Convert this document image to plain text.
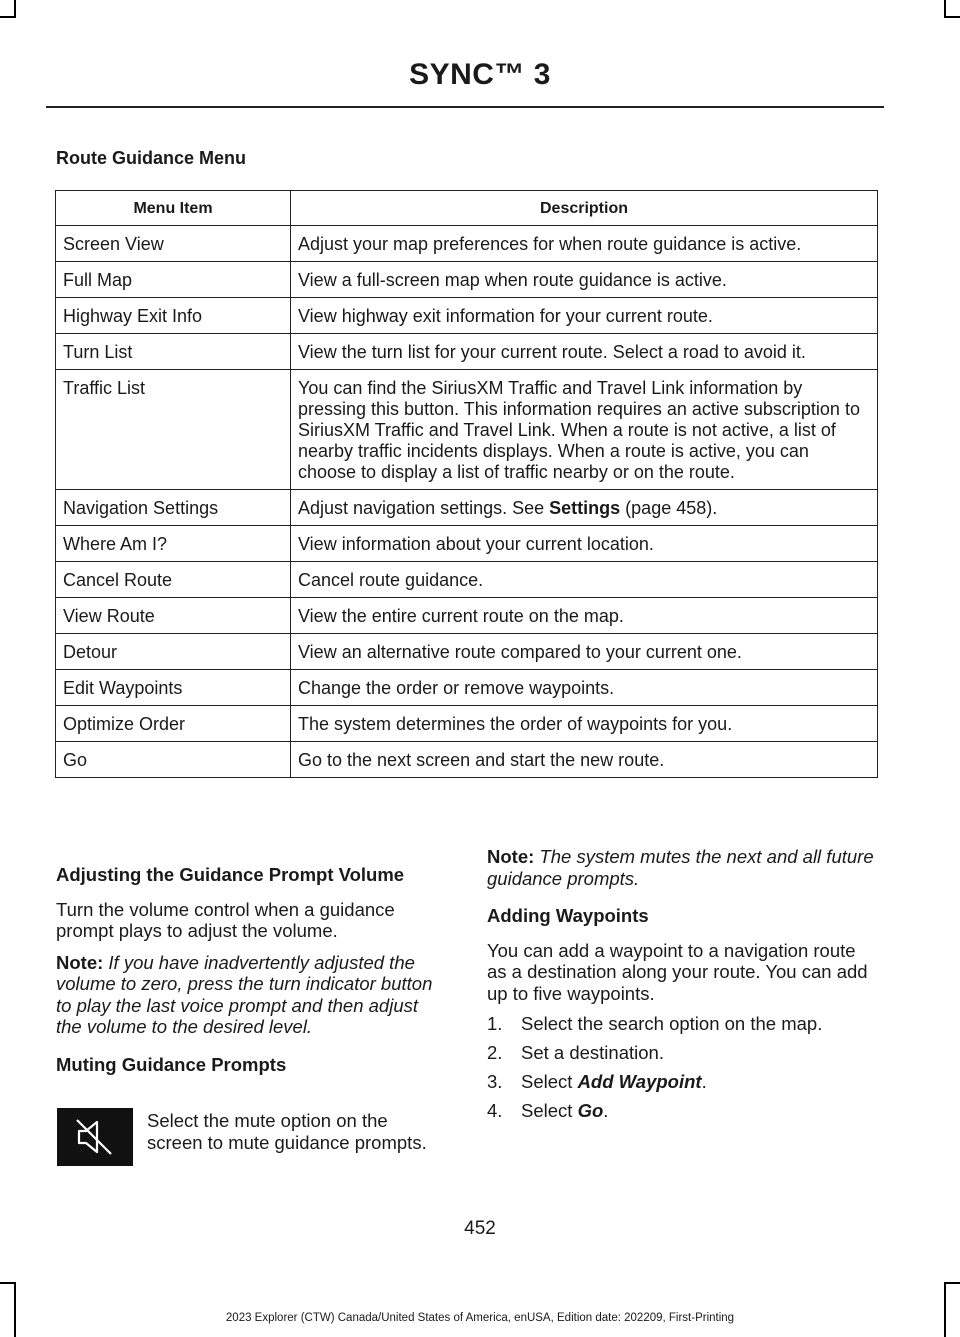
SYNC™ 3
Route Guidance Menu
Menu Item	Description
Screen View	Adjust your map preferences for when route guidance is active.
Full Map	View a full-screen map when route guidance is active.
Highway Exit Info	View highway exit information for your current route.
Turn List	View the turn list for your current route. Select a road to avoid it.
Traffic List	You can find the SiriusXM Traffic and Travel Link information by pressing this button. This information requires an active subscription to SiriusXM Traffic and Travel Link. When a route is not active, a list of nearby traffic incidents displays. When a route is active, you can choose to display a list of traffic nearby or on the route.
Navigation Settings	Adjust navigation settings. See Settings (page 458).
Where Am I?	View information about your current location.
Cancel Route	Cancel route guidance.
View Route	View the entire current route on the map.
Detour	View an alternative route compared to your current one.
Edit Waypoints	Change the order or remove waypoints.
Optimize Order	The system determines the order of waypoints for you.
Go	Go to the next screen and start the new route.

Adjusting the Guidance Prompt Volume

Turn the volume control when a guidance prompt plays to adjust the volume.

Note: If you have inadvertently adjusted the volume to zero, press the turn indicator button to play the last voice prompt and then adjust the volume to the desired level.

Muting Guidance Prompts

Select the mute option on the screen to mute guidance prompts.

Note: The system mutes the next and all future guidance prompts.

Adding Waypoints

You can add a waypoint to a navigation route as a destination along your route. You can add up to five waypoints.

1.	Select the search option on the map.
2.	Set a destination.
3.	Select Add Waypoint.
4.	Select Go.
452
2023 Explorer (CTW) Canada/United States of America, enUSA, Edition date: 202209, First-Printing
